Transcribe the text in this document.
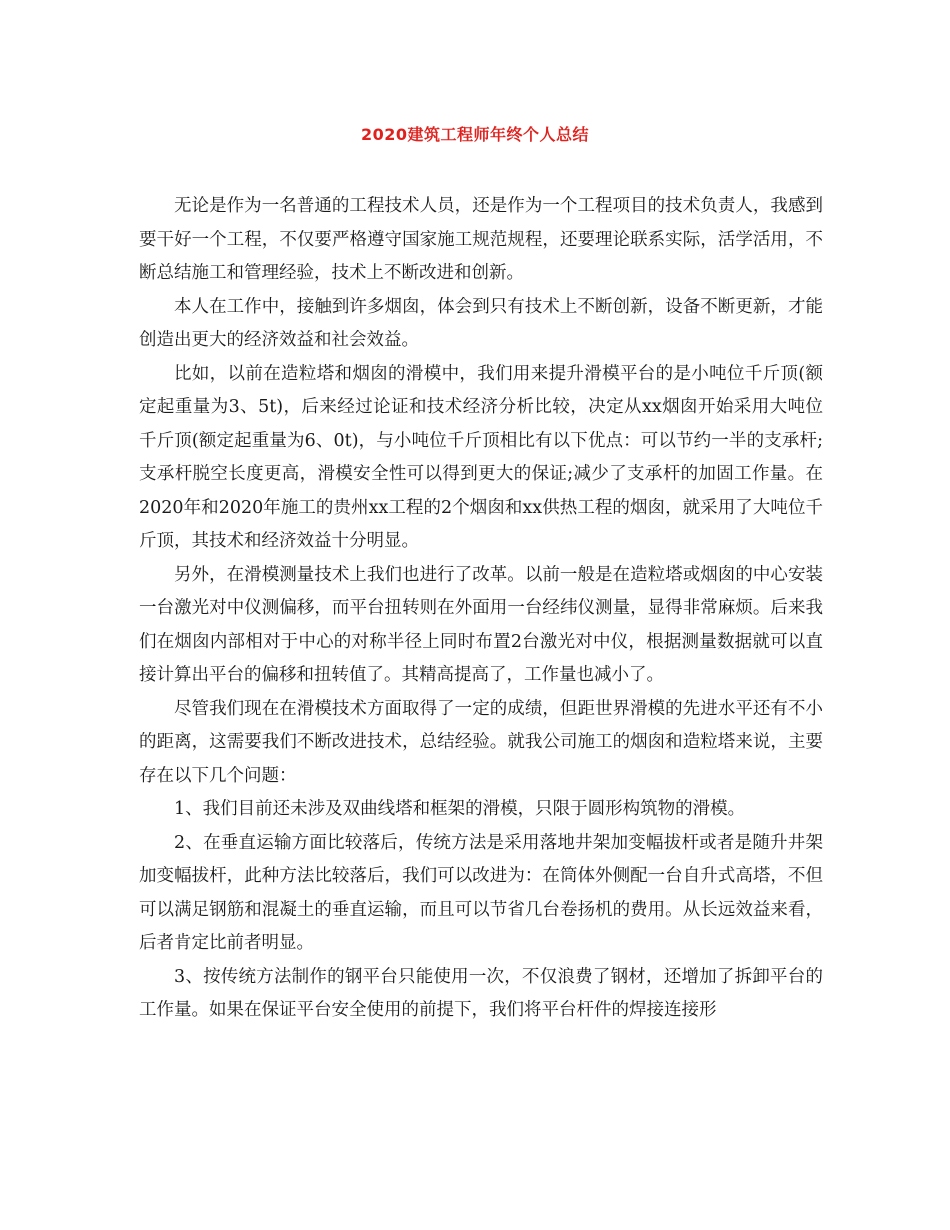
2020建筑工程师年终个人总结

无论是作为一名普通的工程技术人员，还是作为一个工程项目的技术负责人，我感到要干好一个工程，不仅要严格遵守国家施工规范规程，还要理论联系实际，活学活用，不断总结施工和管理经验，技术上不断改进和创新。

本人在工作中，接触到许多烟囱，体会到只有技术上不断创新，设备不断更新，才能创造出更大的经济效益和社会效益。

比如，以前在造粒塔和烟囱的滑模中，我们用来提升滑模平台的是小吨位千斤顶(额定起重量为3、5t)，后来经过论证和技术经济分析比较，决定从xx烟囱开始采用大吨位千斤顶(额定起重量为6、0t)，与小吨位千斤顶相比有以下优点：可以节约一半的支承杆;支承杆脱空长度更高，滑模安全性可以得到更大的保证;减少了支承杆的加固工作量。在2020年和2020年施工的贵州xx工程的2个烟囱和xx供热工程的烟囱，就采用了大吨位千斤顶，其技术和经济效益十分明显。

另外，在滑模测量技术上我们也进行了改革。以前一般是在造粒塔或烟囱的中心安装一台激光对中仪测偏移，而平台扭转则在外面用一台经纬仪测量，显得非常麻烦。后来我们在烟囱内部相对于中心的对称半径上同时布置2台激光对中仪，根据测量数据就可以直接计算出平台的偏移和扭转值了。其精高提高了，工作量也减小了。

尽管我们现在在滑模技术方面取得了一定的成绩，但距世界滑模的先进水平还有不小的距离，这需要我们不断改进技术，总结经验。就我公司施工的烟囱和造粒塔来说，主要存在以下几个问题：

1、我们目前还未涉及双曲线塔和框架的滑模，只限于圆形构筑物的滑模。

2、在垂直运输方面比较落后，传统方法是采用落地井架加变幅拔杆或者是随升井架加变幅拔杆，此种方法比较落后，我们可以改进为：在筒体外侧配一台自升式高塔，不但可以满足钢筋和混凝土的垂直运输，而且可以节省几台卷扬机的费用。从长远效益来看，后者肯定比前者明显。

3、按传统方法制作的钢平台只能使用一次，不仅浪费了钢材，还增加了拆卸平台的工作量。如果在保证平台安全使用的前提下，我们将平台杆件的焊接连接形
